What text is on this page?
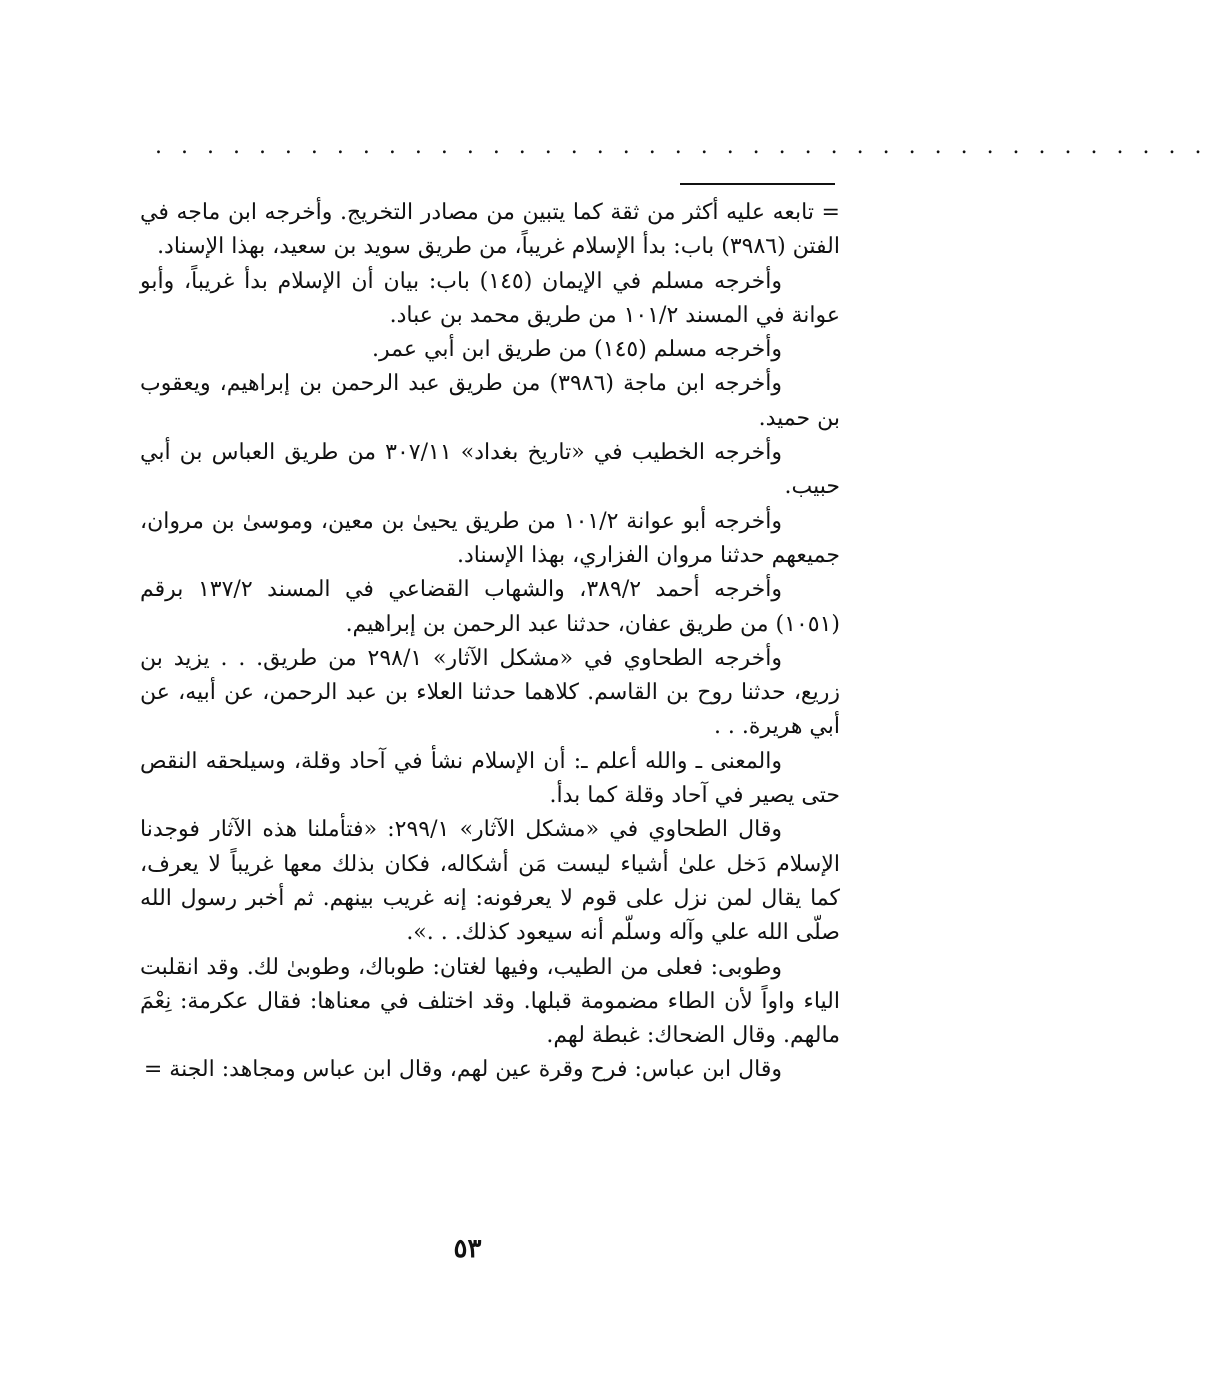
. . . . . . . . . . . . . . . . . . . . . . . . . . . . . . . . . . . . . . . . .

= تابعه عليه أكثر من ثقة كما يتبين من مصادر التخريج. وأخرجه ابن ماجه في الفتن (٣٩٨٦) باب: بدأ الإسلام غريباً، من طريق سويد بن سعيد، بهذا الإسناد.

وأخرجه مسلم في الإيمان (١٤٥) باب: بيان أن الإسلام بدأ غريباً، وأبو عوانة في المسند ١٠١/٢ من طريق محمد بن عباد.

وأخرجه مسلم (١٤٥) من طريق ابن أبي عمر.

وأخرجه ابن ماجة (٣٩٨٦) من طريق عبد الرحمن بن إبراهيم، ويعقوب بن حميد.

وأخرجه الخطيب في «تاريخ بغداد» ٣٠٧/١١ من طريق العباس بن أبي حبيب.

وأخرجه أبو عوانة ١٠١/٢ من طريق يحيىٰ بن معين، وموسىٰ بن مروان، جميعهم حدثنا مروان الفزاري، بهذا الإسناد.

وأخرجه أحمد ٣٨٩/٢، والشهاب القضاعي في المسند ١٣٧/٢ برقم (١٠٥١) من طريق عفان، حدثنا عبد الرحمن بن إبراهيم.

وأخرجه الطحاوي في «مشكل الآثار» ٢٩٨/١ من طريق. . . يزيد بن زريع، حدثنا روح بن القاسم. كلاهما حدثنا العلاء بن عبد الرحمن، عن أبيه، عن أبي هريرة. . .

والمعنى ـ والله أعلم ـ: أن الإسلام نشأ في آحاد وقلة، وسيلحقه النقص حتى يصير في آحاد وقلة كما بدأ.

وقال الطحاوي في «مشكل الآثار» ٢٩٩/١: «فتأملنا هذه الآثار فوجدنا الإسلام دَخل علىٰ أشياء ليست مَن أشكاله، فكان بذلك معها غريباً لا يعرف، كما يقال لمن نزل على قوم لا يعرفونه: إنه غريب بينهم. ثم أخبر رسول الله صلّى الله علي وآله وسلّم أنه سيعود كذلك. . .».

وطوبى: فعلى من الطيب، وفيها لغتان: طوباك، وطوبىٰ لك. وقد انقلبت الياء واواً لأن الطاء مضمومة قبلها. وقد اختلف في معناها: فقال عكرمة: نِعْمَ مالهم. وقال الضحاك: غبطة لهم.

وقال ابن عباس: فرح وقرة عين لهم، وقال ابن عباس ومجاهد: الجنة =

٥٣
